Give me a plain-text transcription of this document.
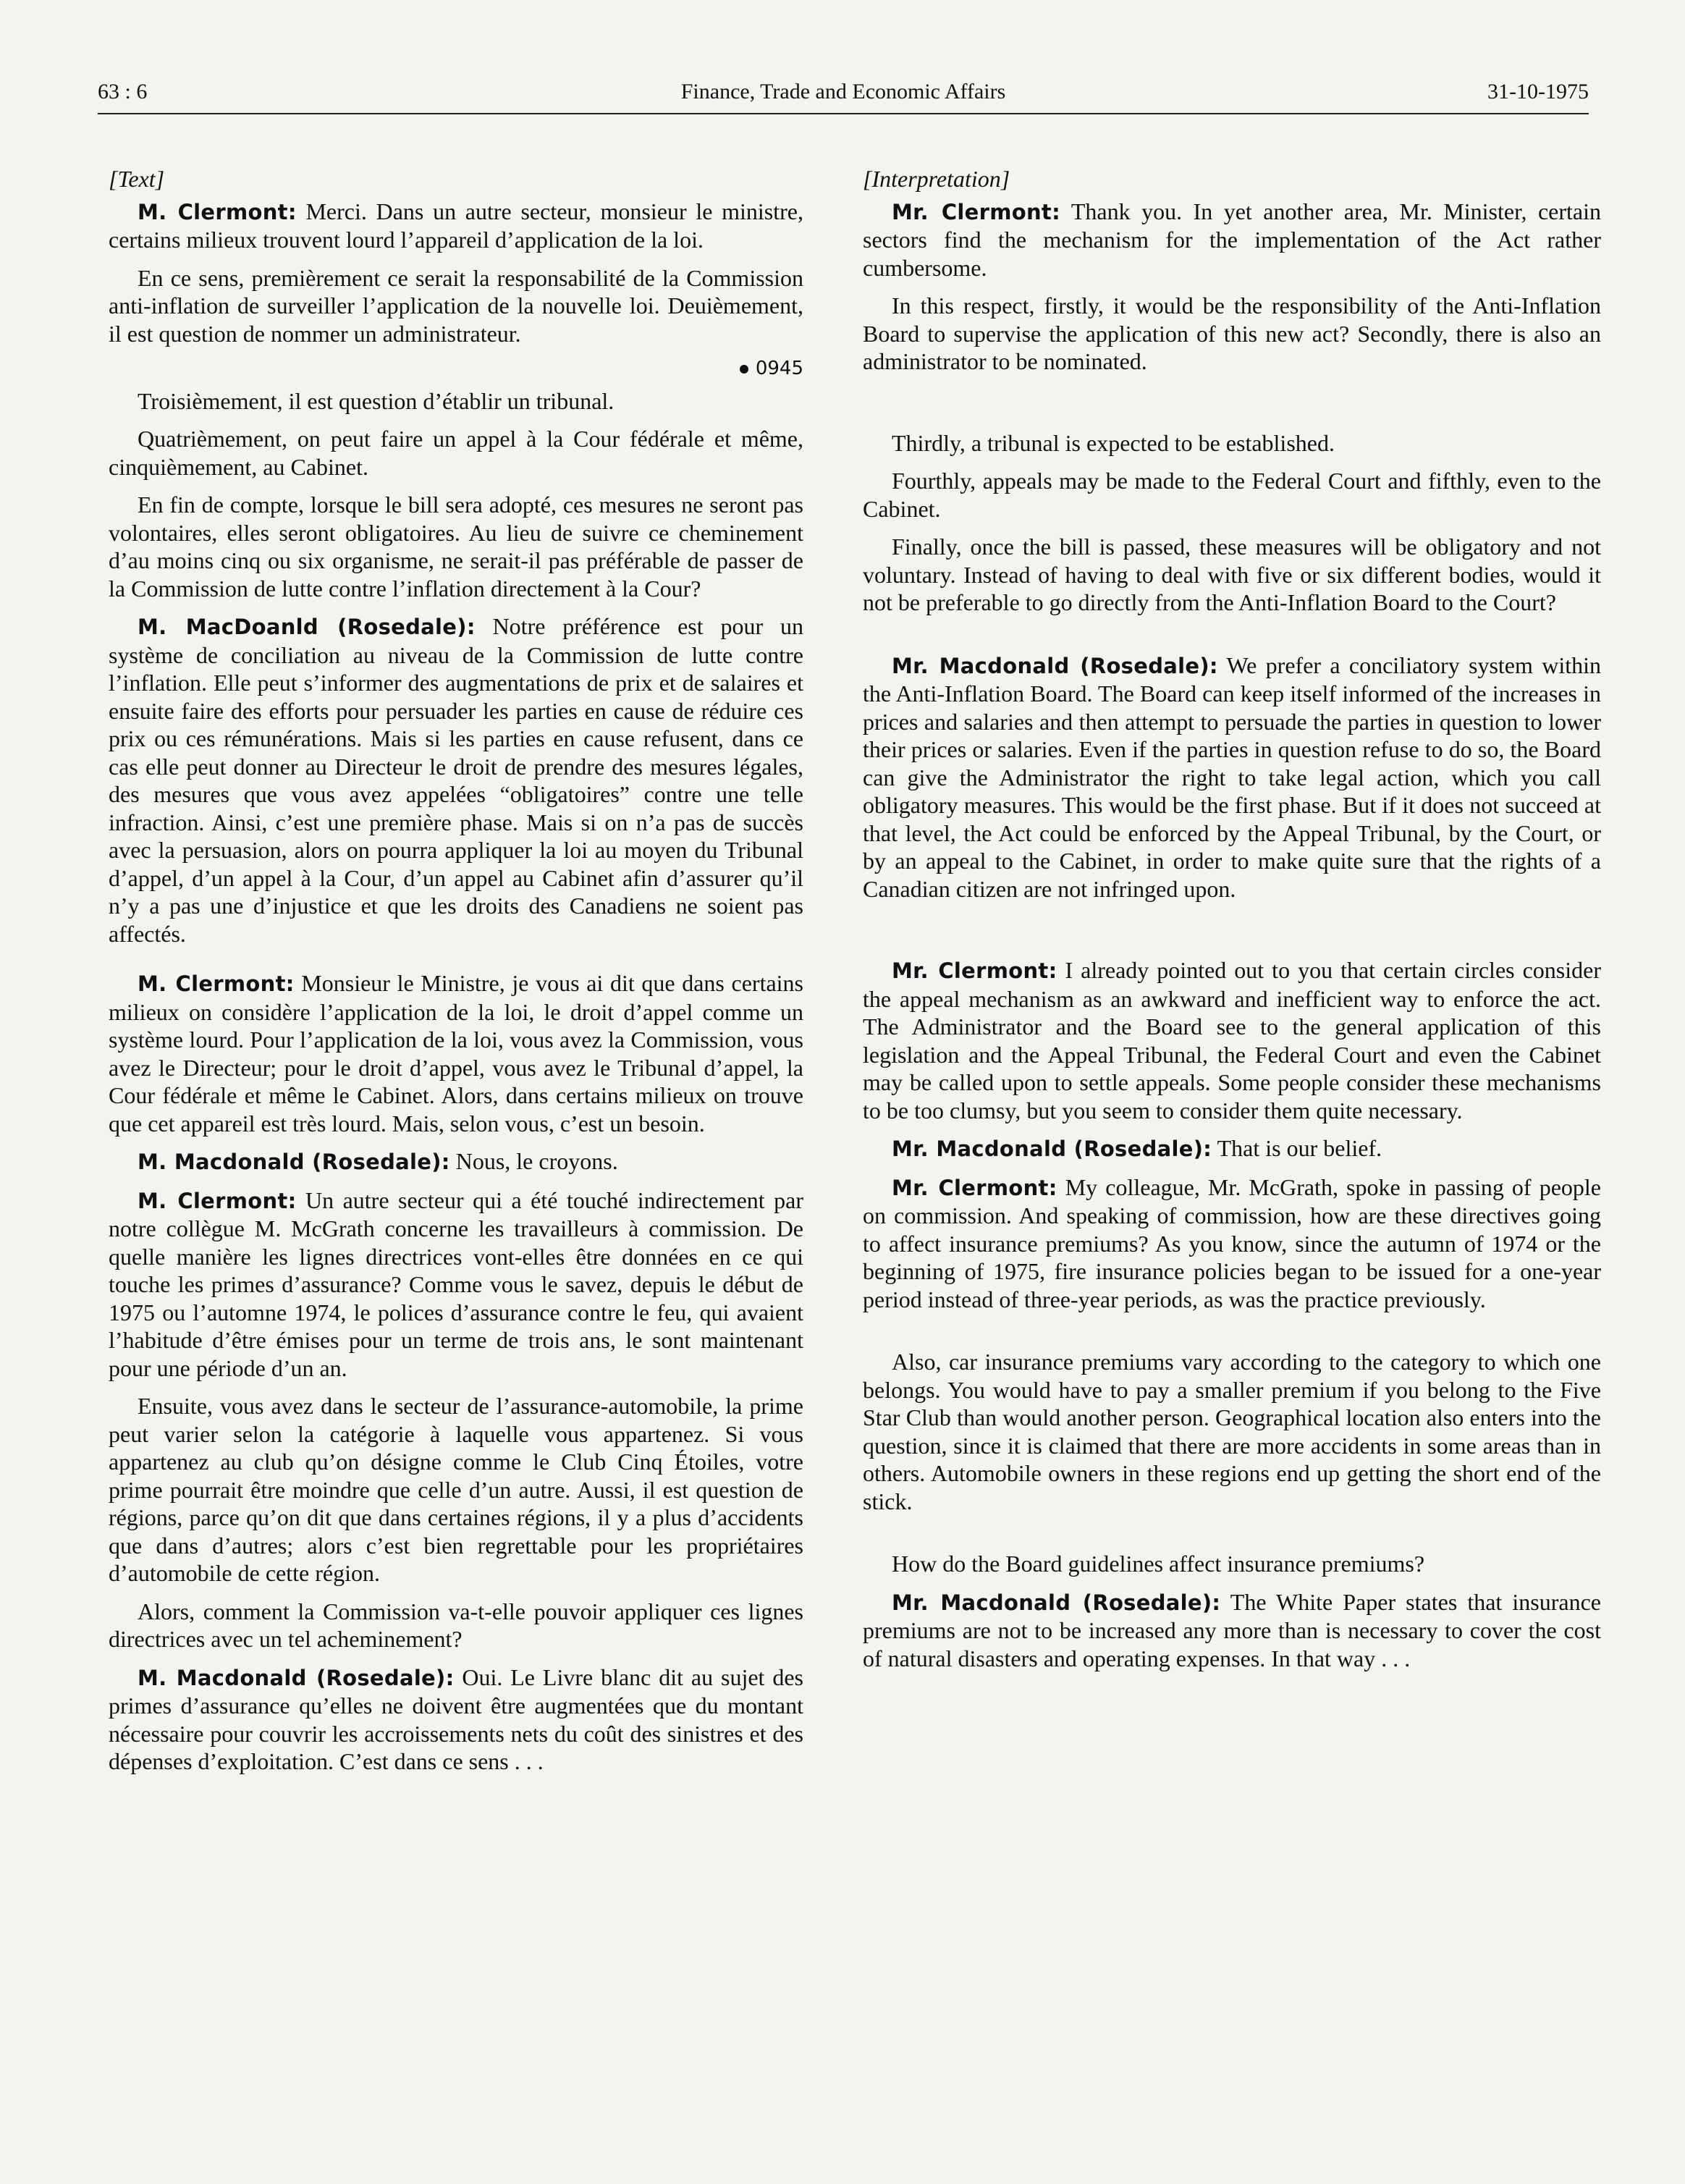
63 : 6	Finance, Trade and Economic Affairs	31-10-1975

[Text]

M. Clermont: Merci. Dans un autre secteur, monsieur le ministre, certains milieux trouvent lourd l’appareil d’application de la loi.

En ce sens, premièrement ce serait la responsabilité de la Commission anti-inflation de surveiller l’application de la nouvelle loi. Deuièmement, il est question de nommer un administrateur.

0945

Troisièmement, il est question d’établir un tribunal.

Quatrièmement, on peut faire un appel à la Cour fédérale et même, cinquièmement, au Cabinet.

En fin de compte, lorsque le bill sera adopté, ces mesures ne seront pas volontaires, elles seront obligatoires. Au lieu de suivre ce cheminement d’au moins cinq ou six organisme, ne serait-il pas préférable de passer de la Commission de lutte contre l’inflation directement à la Cour?

M. MacDoanld (Rosedale): Notre préférence est pour un système de conciliation au niveau de la Commission de lutte contre l’inflation. Elle peut s’informer des augmentations de prix et de salaires et ensuite faire des efforts pour persuader les parties en cause de réduire ces prix ou ces rémunérations. Mais si les parties en cause refusent, dans ce cas elle peut donner au Directeur le droit de prendre des mesures légales, des mesures que vous avez appelées “obligatoires” contre une telle infraction. Ainsi, c’est une première phase. Mais si on n’a pas de succès avec la persuasion, alors on pourra appliquer la loi au moyen du Tribunal d’appel, d’un appel à la Cour, d’un appel au Cabinet afin d’assurer qu’il n’y a pas une d’injustice et que les droits des Canadiens ne soient pas affectés.

M. Clermont: Monsieur le Ministre, je vous ai dit que dans certains milieux on considère l’application de la loi, le droit d’appel comme un système lourd. Pour l’application de la loi, vous avez la Commission, vous avez le Directeur; pour le droit d’appel, vous avez le Tribunal d’appel, la Cour fédérale et même le Cabinet. Alors, dans certains milieux on trouve que cet appareil est très lourd. Mais, selon vous, c’est un besoin.

M. Macdonald (Rosedale): Nous, le croyons.

M. Clermont: Un autre secteur qui a été touché indirectement par notre collègue M. McGrath concerne les travailleurs à commission. De quelle manière les lignes directrices vont-elles être données en ce qui touche les primes d’assurance? Comme vous le savez, depuis le début de 1975 ou l’automne 1974, le polices d’assurance contre le feu, qui avaient l’habitude d’être émises pour un terme de trois ans, le sont maintenant pour une période d’un an.

Ensuite, vous avez dans le secteur de l’assurance-automobile, la prime peut varier selon la catégorie à laquelle vous appartenez. Si vous appartenez au club qu’on désigne comme le Club Cinq Étoiles, votre prime pourrait être moindre que celle d’un autre. Aussi, il est question de régions, parce qu’on dit que dans certaines régions, il y a plus d’accidents que dans d’autres; alors c’est bien regrettable pour les propriétaires d’automobile de cette région.

Alors, comment la Commission va-t-elle pouvoir appliquer ces lignes directrices avec un tel acheminement?

M. Macdonald (Rosedale): Oui. Le Livre blanc dit au sujet des primes d’assurance qu’elles ne doivent être augmentées que du montant nécessaire pour couvrir les accroissements nets du coût des sinistres et des dépenses d’exploitation. C’est dans ce sens . . .

[Interpretation]

Mr. Clermont: Thank you. In yet another area, Mr. Minister, certain sectors find the mechanism for the implementation of the Act rather cumbersome.

In this respect, firstly, it would be the responsibility of the Anti-Inflation Board to supervise the application of this new act? Secondly, there is also an administrator to be nominated.

Thirdly, a tribunal is expected to be established.

Fourthly, appeals may be made to the Federal Court and fifthly, even to the Cabinet.

Finally, once the bill is passed, these measures will be obligatory and not voluntary. Instead of having to deal with five or six different bodies, would it not be preferable to go directly from the Anti-Inflation Board to the Court?

Mr. Macdonald (Rosedale): We prefer a conciliatory system within the Anti-Inflation Board. The Board can keep itself informed of the increases in prices and salaries and then attempt to persuade the parties in question to lower their prices or salaries. Even if the parties in question refuse to do so, the Board can give the Administrator the right to take legal action, which you call obligatory measures. This would be the first phase. But if it does not succeed at that level, the Act could be enforced by the Appeal Tribunal, by the Court, or by an appeal to the Cabinet, in order to make quite sure that the rights of a Canadian citizen are not infringed upon.

Mr. Clermont: I already pointed out to you that certain circles consider the appeal mechanism as an awkward and inefficient way to enforce the act. The Administrator and the Board see to the general application of this legislation and the Appeal Tribunal, the Federal Court and even the Cabinet may be called upon to settle appeals. Some people consider these mechanisms to be too clumsy, but you seem to consider them quite necessary.

Mr. Macdonald (Rosedale): That is our belief.

Mr. Clermont: My colleague, Mr. McGrath, spoke in passing of people on commission. And speaking of commission, how are these directives going to affect insurance premiums? As you know, since the autumn of 1974 or the beginning of 1975, fire insurance policies began to be issued for a one-year period instead of three-year periods, as was the practice previously.

Also, car insurance premiums vary according to the category to which one belongs. You would have to pay a smaller premium if you belong to the Five Star Club than would another person. Geographical location also enters into the question, since it is claimed that there are more accidents in some areas than in others. Automobile owners in these regions end up getting the short end of the stick.

How do the Board guidelines affect insurance premiums?

Mr. Macdonald (Rosedale): The White Paper states that insurance premiums are not to be increased any more than is necessary to cover the cost of natural disasters and operating expenses. In that way . . .
